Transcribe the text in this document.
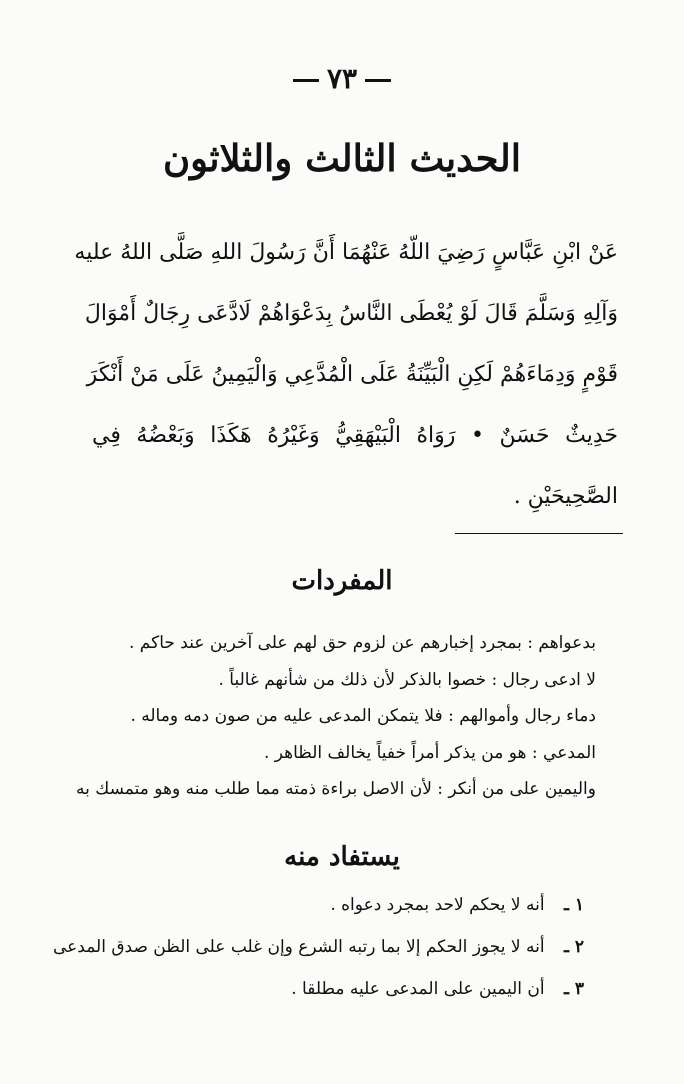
٧٣
الحديث الثالث والثلاثون
عَنْ ابْنِ عَبَّاسٍ رَضِيَ اللّهُ عَنْهُمَا أَنَّ رَسُولَ اللهِ صَلَّى اللهُ عليه
وَآلِهِ وَسَلَّمَ قَالَ لَوْ يُعْطَى النَّاسُ بِدَعْوَاهُمْ لَادَّعَى رِجَالٌ أَمْوَالَ
قَوْمٍ وَدِمَاءَهُمْ لَكِنِ الْبَيِّنَةُ عَلَى الْمُدَّعِي وَالْيَمِينُ عَلَى مَنْ أَنْكَرَ
حَدِيثٌ حَسَنٌ • رَوَاهُ الْبَيْهَقِيُّ وَغَيْرُهُ هَكَذَا وَبَعْضُهُ فِي
الصَّحِيحَيْنِ .
المفردات
بدعواهم : بمجرد إخبارهم عن لزوم حق لهم على آخرين عند حاكم .
لا ادعى رجال : خصوا بالذكر لأن ذلك من شأنهم غالباً .
دماء رجال وأموالهم : فلا يتمكن المدعى عليه من صون دمه وماله .
المدعي : هو من يذكر أمراً خفياً يخالف الظاهر .
واليمين على من أنكر : لأن الاصل براءة ذمته مما طلب منه وهو متمسك به
يستفاد منه
١ ـ أنه لا يحكم لاحد بمجرد دعواه .
٢ ـ أنه لا يجوز الحكم إلا بما رتبه الشرع وإن غلب على الظن صدق المدعى
٣ ـ أن اليمين على المدعى عليه مطلقا .
